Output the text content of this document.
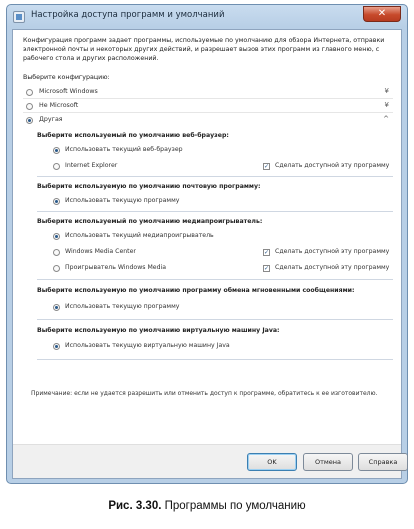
Настройка доступа программ и умолчаний	✕
Конфигурация программ задает программы, используемые по умолчанию для обзора Интернета, отправки электронной почты и некоторых других действий, и разрешает вызов этих программ из главного меню, с рабочего стола и других расположений.
Выберите конфигурацию:
Microsoft Windows	¥
Не Microsoft	¥
Другая	^
Выберите используемый по умолчанию веб-браузер:
Использовать текущий веб-браузер
Internet Explorer	✓ Сделать доступной эту программу
Выберите используемую по умолчанию почтовую программу:
Использовать текущую программу
Выберите используемый по умолчанию медиапроигрыватель:
Использовать текущий медиапроигрыватель
Windows Media Center	✓ Сделать доступной эту программу
Проигрыватель Windows Media	✓ Сделать доступной эту программу
Выберите используемую по умолчанию программу обмена мгновенными сообщениями:
Использовать текущую программу
Выберите используемую по умолчанию виртуальную машину Java:
Использовать текущую виртуальную машину Java
Примечание: если не удается разрешить или отменить доступ к программе, обратитесь к ее изготовителю.
OK	Отмена	Справка
Рис. 3.30. Программы по умолчанию
